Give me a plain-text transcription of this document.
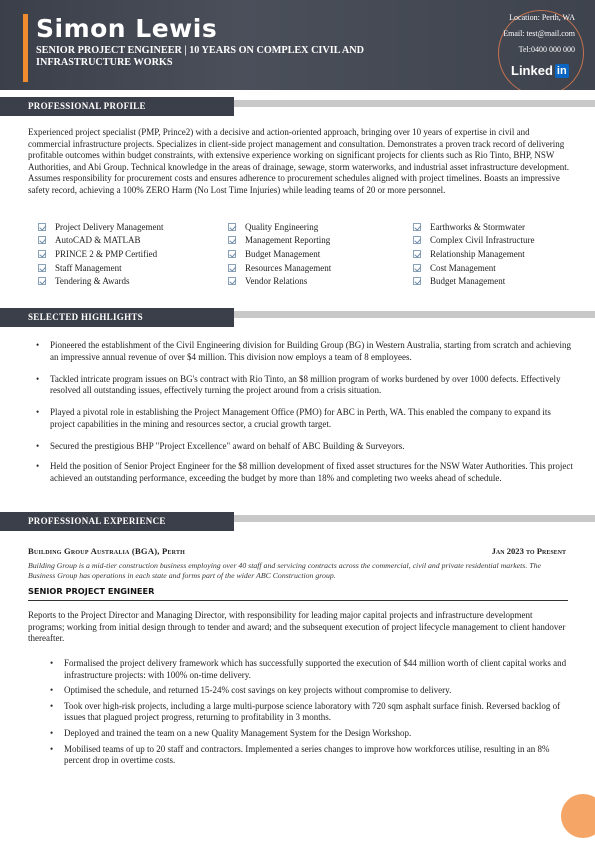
Simon Lewis
SENIOR PROJECT ENGINEER | 10 YEARS ON COMPLEX CIVIL AND INFRASTRUCTURE WORKS
Location: Perth, WA
Email: test@mail.com
Tel:0400 000 000
Linked in
PROFESSIONAL PROFILE
Experienced project specialist (PMP, Prince2) with a decisive and action-oriented approach, bringing over 10 years of expertise in civil and commercial infrastructure projects. Specializes in client-side project management and consultation. Demonstrates a proven track record of delivering profitable outcomes within budget constraints, with extensive experience working on significant projects for clients such as Rio Tinto, BHP, NSW Authorities, and Abi Group. Technical knowledge in the areas of drainage, sewage, storm waterworks, and industrial asset infrastructure development. Assumes responsibility for procurement costs and ensures adherence to procurement schedules aligned with project timelines. Boasts an impressive safety record, achieving a 100% ZERO Harm (No Lost Time Injuries) while leading teams of 20 or more personnel.
Project Delivery Management	Quality Engineering	Earthworks & Stormwater
AutoCAD & MATLAB	Management Reporting	Complex Civil Infrastructure
PRINCE 2 & PMP Certified	Budget Management	Relationship Management
Staff Management	Resources Management	Cost Management
Tendering & Awards	Vendor Relations	Budget Management
SELECTED HIGHLIGHTS
• Pioneered the establishment of the Civil Engineering division for Building Group (BG) in Western Australia, starting from scratch and achieving an impressive annual revenue of over $4 million. This division now employs a team of 8 employees.
• Tackled intricate program issues on BG's contract with Rio Tinto, an $8 million program of works burdened by over 1000 defects. Effectively resolved all outstanding issues, effectively turning the project around from a crisis situation.
• Played a pivotal role in establishing the Project Management Office (PMO) for ABC in Perth, WA. This enabled the company to expand its project capabilities in the mining and resources sector, a crucial growth target.
• Secured the prestigious BHP "Project Excellence" award on behalf of ABC Building & Surveyors.
• Held the position of Senior Project Engineer for the $8 million development of fixed asset structures for the NSW Water Authorities. This project achieved an outstanding performance, exceeding the budget by more than 18% and completing two weeks ahead of schedule.
PROFESSIONAL EXPERIENCE
Building Group Australia (BGA), Perth	Jan 2023 to Present
Building Group is a mid-tier construction business employing over 40 staff and servicing contracts across the commercial, civil and private residential markets. The Business Group has operations in each state and forms part of the wider ABC Construction group.
SENIOR PROJECT ENGINEER
Reports to the Project Director and Managing Director, with responsibility for leading major capital projects and infrastructure development programs; working from initial design through to tender and award; and the subsequent execution of project lifecycle management to client handover thereafter.
• Formalised the project delivery framework which has successfully supported the execution of $44 million worth of client capital works and infrastructure projects: with 100% on-time delivery.
• Optimised the schedule, and returned 15-24% cost savings on key projects without compromise to delivery.
• Took over high-risk projects, including a large multi-purpose science laboratory with 720 sqm asphalt surface finish. Reversed backlog of issues that plagued project progress, returning to profitability in 3 months.
• Deployed and trained the team on a new Quality Management System for the Design Workshop.
• Mobilised teams of up to 20 staff and contractors. Implemented a series changes to improve how workforces utilise, resulting in an 8% percent drop in overtime costs.
